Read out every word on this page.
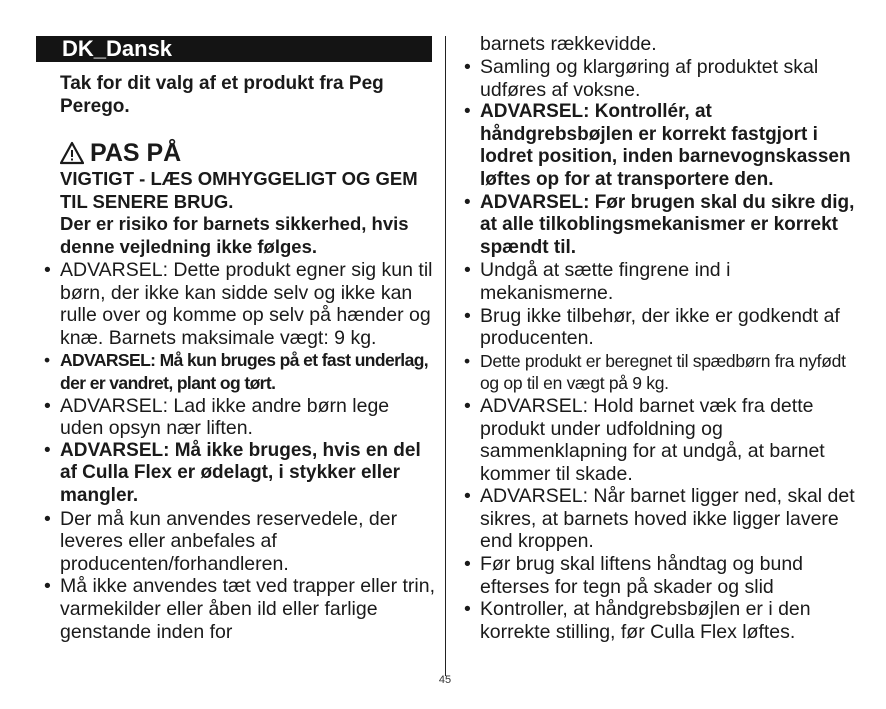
DK_Dansk

Tak for dit valg af et produkt fra Peg Perego.

PAS PÅ

VIGTIGT - LÆS OMHYGGELIGT OG GEM TIL SENERE BRUG.

Der er risiko for barnets sikkerhed, hvis denne vejledning ikke følges.

• ADVARSEL: Dette produkt egner sig kun til børn, der ikke kan sidde selv og ikke kan rulle over og komme op selv på hænder og knæ. Barnets maksimale vægt: 9 kg.
• ADVARSEL: Må kun bruges på et fast underlag, der er vandret, plant og tørt.
• ADVARSEL: Lad ikke andre børn lege uden opsyn nær liften.
• ADVARSEL: Må ikke bruges, hvis en del af Culla Flex er ødelagt, i stykker eller mangler.
• Der må kun anvendes reservedele, der leveres eller anbefales af producenten/forhandleren.
• Må ikke anvendes tæt ved trapper eller trin, varmekilder eller åben ild eller farlige genstande inden for
barnets rækkevidde.
• Samling og klargøring af produktet skal udføres af voksne.
• ADVARSEL: Kontrollér, at håndgrebsbøjlen er korrekt fastgjort i lodret position, inden barnevognskassen løftes op for at transportere den.
• ADVARSEL: Før brugen skal du sikre dig, at alle tilkoblingsmekanismer er korrekt spændt til.
• Undgå at sætte fingrene ind i mekanismerne.
• Brug ikke tilbehør, der ikke er godkendt af producenten.
• Dette produkt er beregnet til spædbørn fra nyfødt og op til en vægt på 9 kg.
• ADVARSEL: Hold barnet væk fra dette produkt under udfoldning og sammenklapning for at undgå, at barnet kommer til skade.
• ADVARSEL: Når barnet ligger ned, skal det sikres, at barnets hoved ikke ligger lavere end kroppen.
• Før brug skal liftens håndtag og bund efterses for tegn på skader og slid
• Kontroller, at håndgrebsbøjlen er i den korrekte stilling, før Culla Flex løftes.
45
